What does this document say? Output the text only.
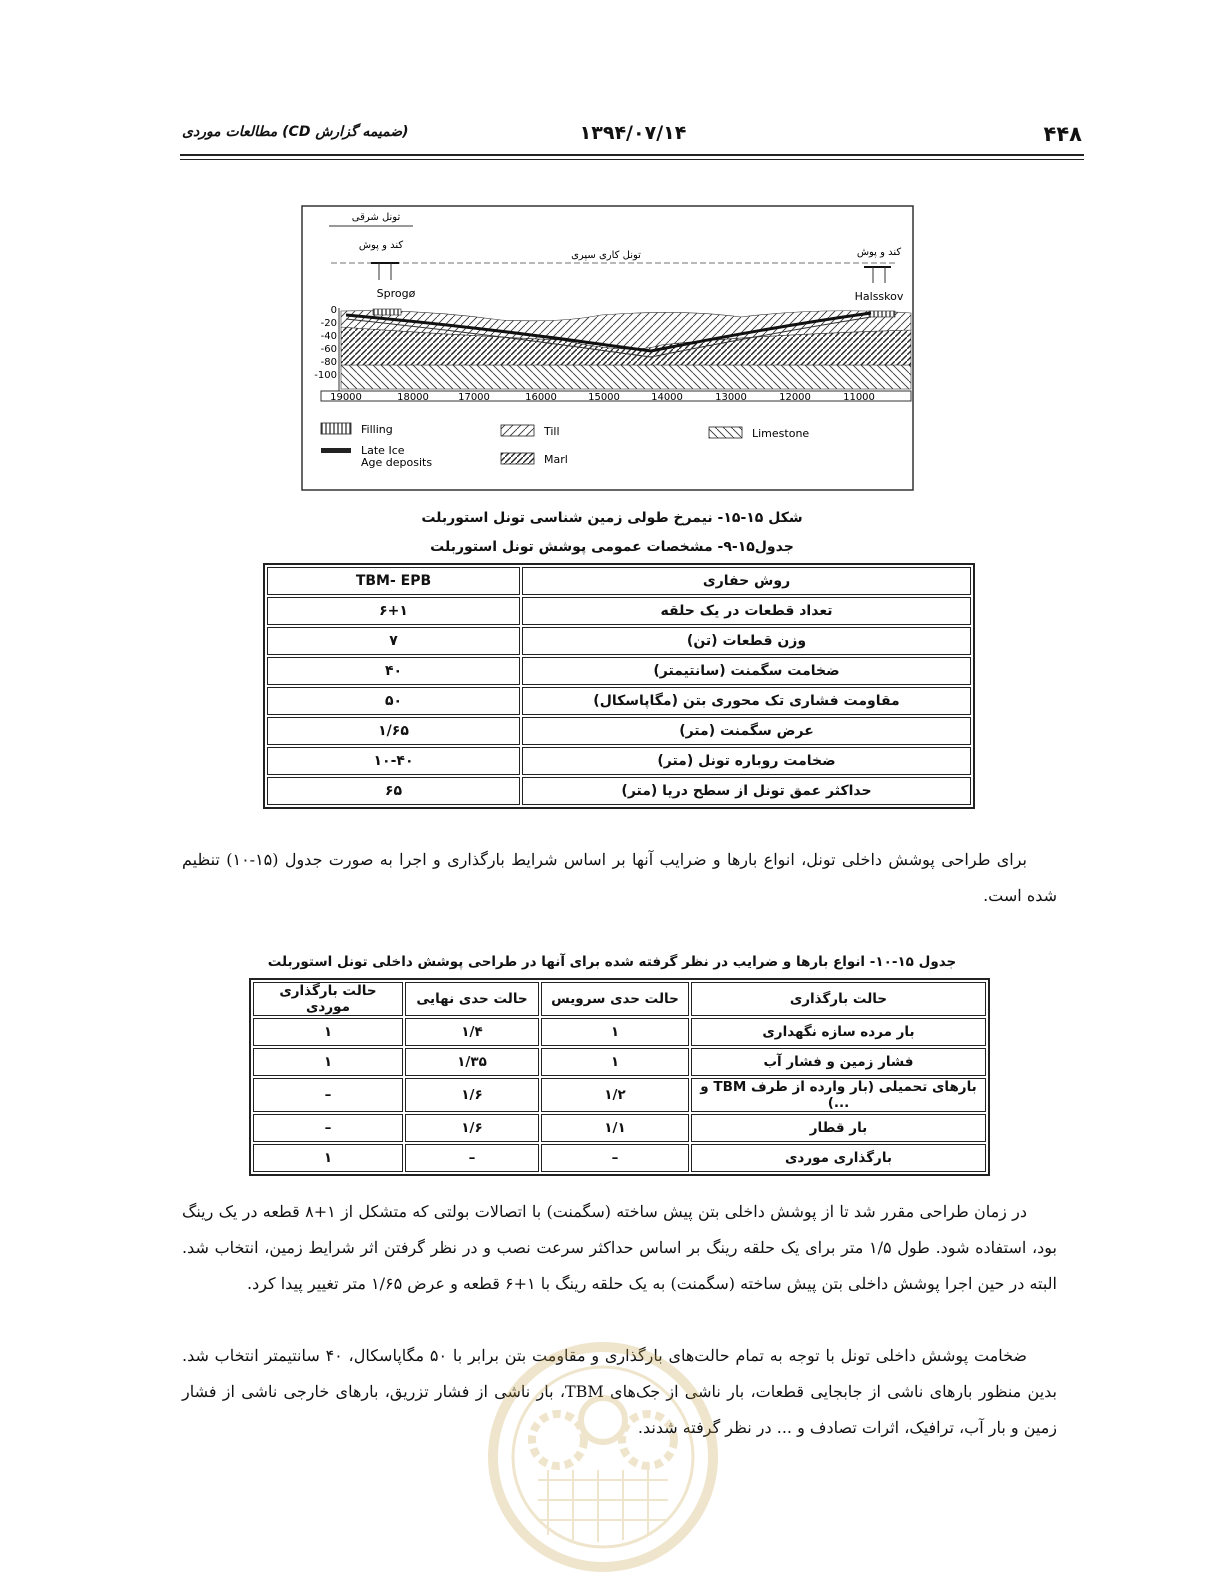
۴۴۸
۱۳۹۴/۰۷/۱۴
مطالعات موردی (CD ضمیمه گزارش)
تونل شرقی
کند و پوش
تونل کاری سپری	کند و پوش
Sprogø	Halsskov
0
-20
-40
-60
-80
-100
19000	18000	17000	16000	15000	14000	13000	12000	11000
Filling
Late Ice
Age deposits
Till
Marl
Limestone
شکل ۱۵-۱۵- نیمرخ طولی زمین شناسی تونل استوربلت
جدول۱۵-۹- مشخصات عمومی پوشش تونل استوربلت
روش حفاری	TBM- EPB
تعداد قطعات در یک حلقه	۶+۱
وزن قطعات (تن)	۷
ضخامت سگمنت (سانتیمتر)	۴۰
مقاومت فشاری تک محوری بتن (مگاپاسکال)	۵۰
عرض سگمنت (متر)	۱/۶۵
ضخامت روباره تونل (متر)	۱۰-۴۰
حداکثر عمق تونل از سطح دریا (متر)	۶۵

برای طراحی پوشش داخلی تونل، انواع بارها و ضرایب آنها بر اساس شرایط بارگذاری و اجرا به صورت جدول (۱۵-۱۰) تنظیم شده است.

جدول ۱۵-۱۰- انواع بارها و ضرایب در نظر گرفته شده برای آنها در طراحی پوشش داخلی تونل استوربلت
حالت بارگذاری	حالت حدی سرویس	حالت حدی نهایی	حالت بارگذاری موردی
بار مرده سازه نگهداری	۱	۱/۴	۱
فشار زمین و فشار آب	۱	۱/۳۵	۱
بارهای تحمیلی (بار وارده از طرف TBM و ...)	۱/۲	۱/۶	–
بار قطار	۱/۱	۱/۶	–
بارگذاری موردی	–	–	۱

در زمان طراحی مقرر شد تا از پوشش داخلی بتن پیش ساخته (سگمنت) با اتصالات بولتی که متشکل از ۱+۸ قطعه در یک رینگ بود، استفاده شود. طول ۱/۵ متر برای یک حلقه رینگ بر اساس حداکثر سرعت نصب و در نظر گرفتن اثر شرایط زمین، انتخاب شد. البته در حین اجرا پوشش داخلی بتن پیش ساخته (سگمنت) به یک حلقه رینگ با ۱+۶ قطعه و عرض ۱/۶۵ متر تغییر پیدا کرد.

ضخامت پوشش داخلی تونل با توجه به تمام حالت‌های بارگذاری و مقاومت بتن برابر با ۵۰ مگاپاسکال، ۴۰ سانتیمتر انتخاب شد. بدین منظور بارهای ناشی از جابجایی قطعات، بار ناشی از جک‌های TBM، بار ناشی از فشار تزریق، بارهای خارجی ناشی از فشار زمین و بار آب، ترافیک، اثرات تصادف و ... در نظر گرفته شدند.
